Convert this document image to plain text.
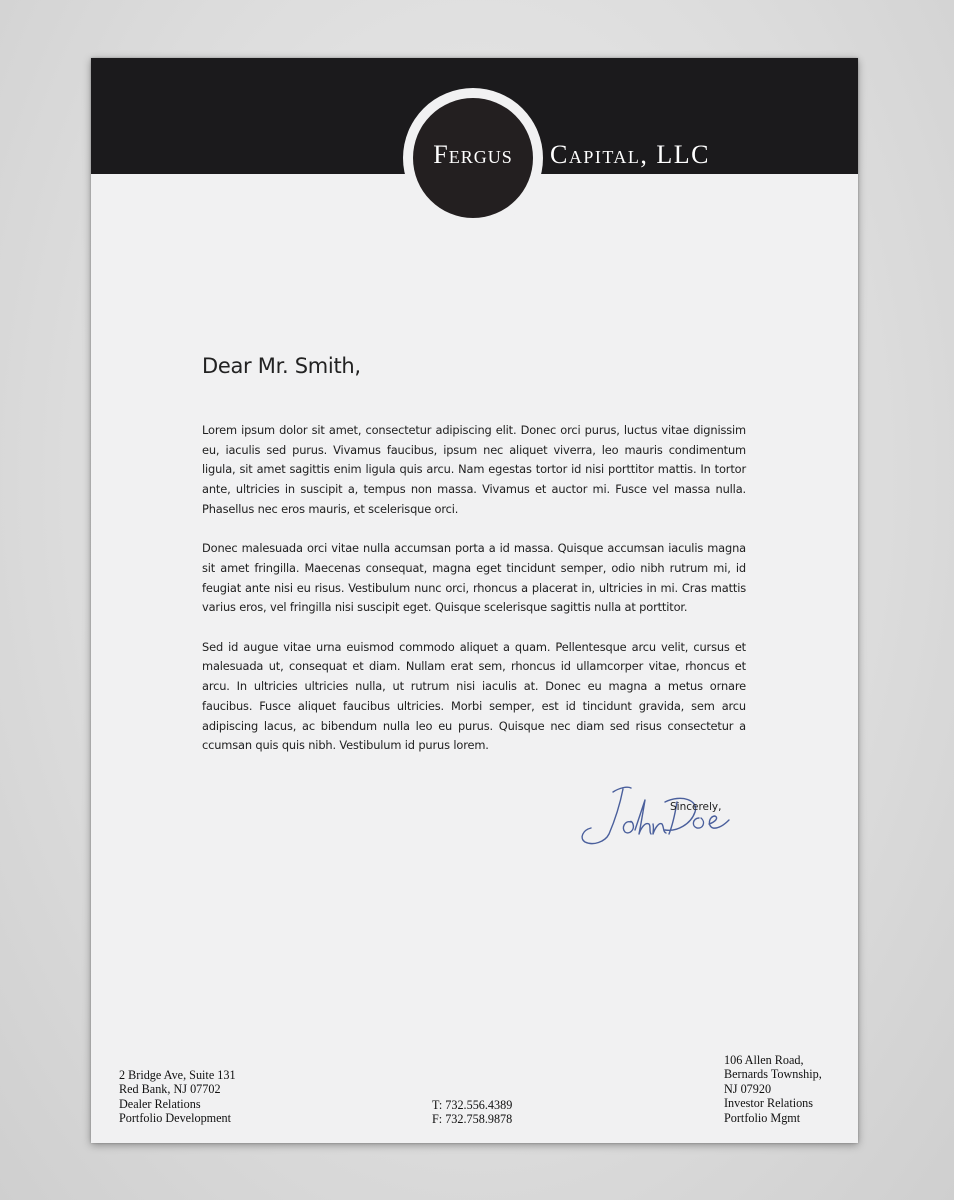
Fergus	Capital, LLC
Dear Mr. Smith,

Lorem ipsum dolor sit amet, consectetur adipiscing elit. Donec orci purus, luctus vitae dignissim eu, iaculis sed purus. Vivamus faucibus, ipsum nec aliquet viverra, leo mauris condimentum ligula, sit amet sagittis enim ligula quis arcu. Nam egestas tortor id nisi porttitor mattis. In tortor ante, ultricies in suscipit a, tempus non massa. Vivamus et auctor mi. Fusce vel massa nulla. Phasellus nec eros mauris, et scelerisque orci.

Donec malesuada orci vitae nulla accumsan porta a id massa. Quisque accumsan iaculis magna sit amet fringilla. Maecenas consequat, magna eget tincidunt semper, odio nibh rutrum mi, id feugiat ante nisi eu risus. Vestibulum nunc orci, rhoncus a placerat in, ultricies in mi. Cras mattis varius eros, vel fringilla nisi suscipit eget. Quisque scelerisque sagittis nulla at porttitor.

Sed id augue vitae urna euismod commodo aliquet a quam. Pellentesque arcu velit, cursus et malesuada ut, consequat et diam. Nullam erat sem, rhoncus id ullamcorper vitae, rhoncus et arcu. In ultricies ultricies nulla, ut rutrum nisi iaculis at. Donec eu magna a metus ornare faucibus. Fusce aliquet faucibus ultricies. Morbi semper, est id tincidunt gravida, sem arcu adipiscing lacus, ac bibendum nulla leo eu purus. Quisque nec diam sed risus consectetur a ccumsan quis quis nibh. Vestibulum id purus lorem.

Sincerely,
2 Bridge Ave, Suite 131
Red Bank, NJ 07702
Dealer Relations
Portfolio Development
T: 732.556.4389
F: 732.758.9878
106 Allen Road,
Bernards Township,
NJ 07920
Investor Relations
Portfolio Mgmt
